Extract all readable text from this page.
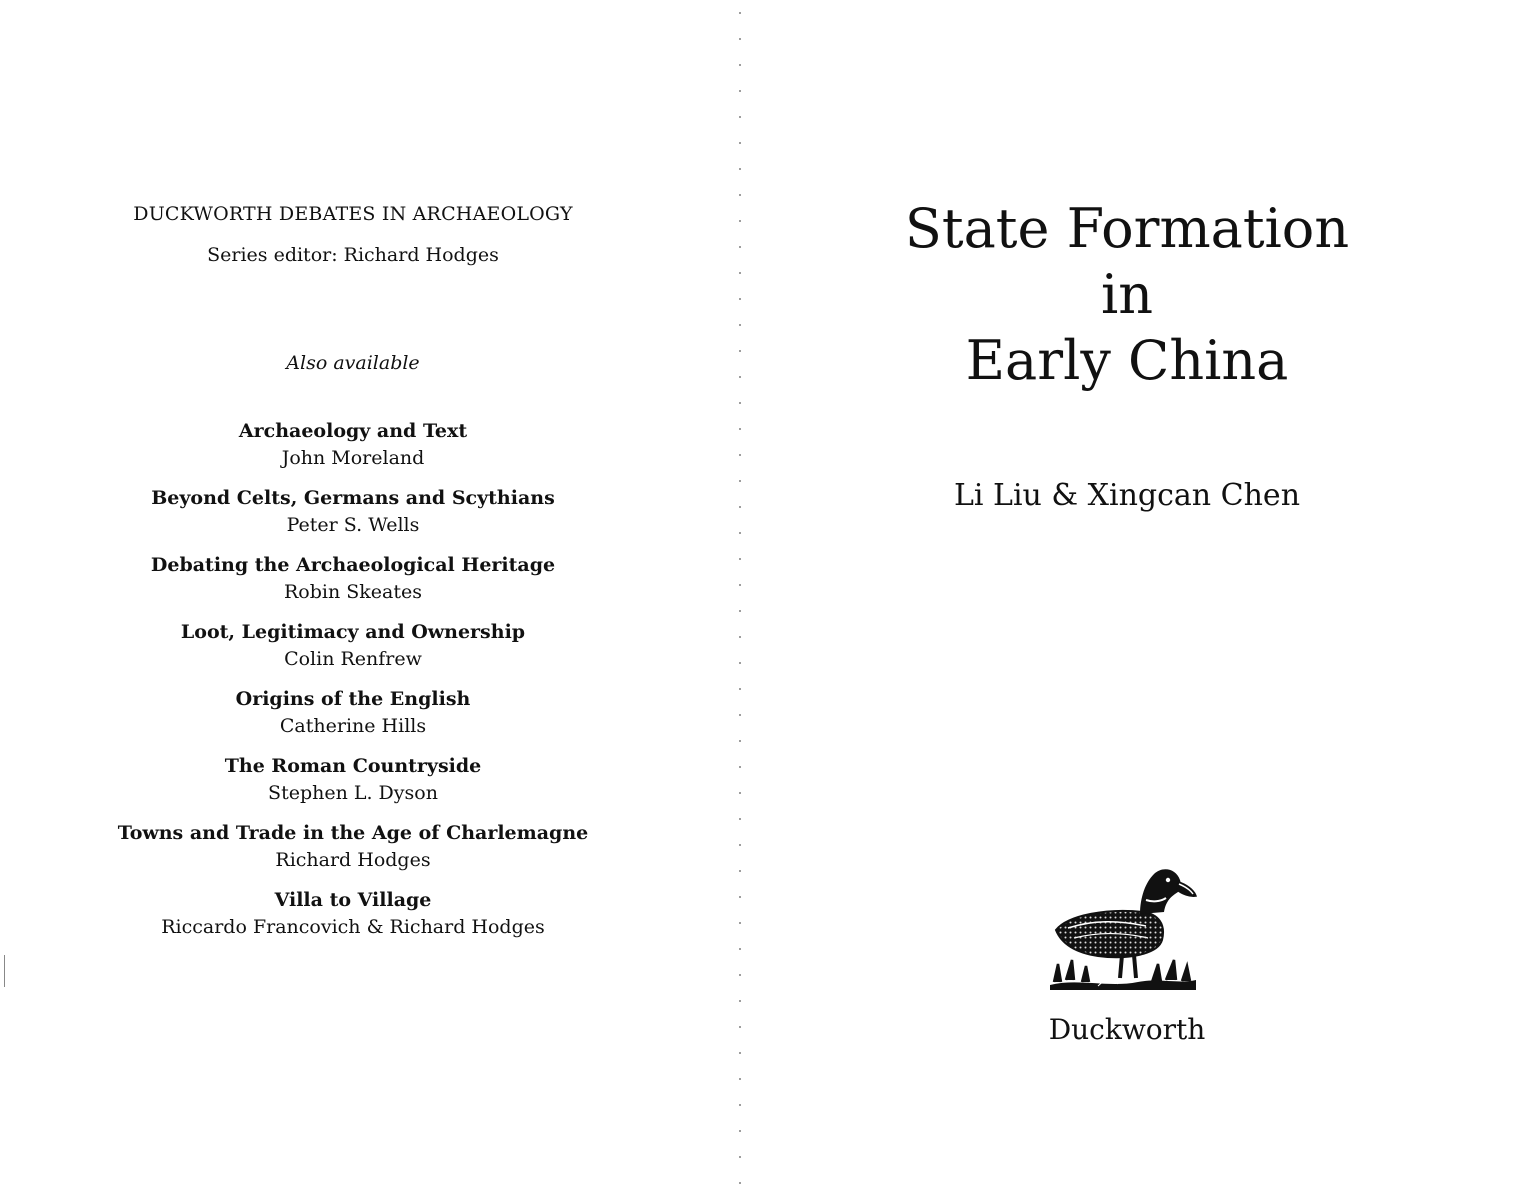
DUCKWORTH DEBATES IN ARCHAEOLOGY
Series editor: Richard Hodges
Also available
Archaeology and Text
John Moreland
Beyond Celts, Germans and Scythians
Peter S. Wells
Debating the Archaeological Heritage
Robin Skeates
Loot, Legitimacy and Ownership
Colin Renfrew
Origins of the English
Catherine Hills
The Roman Countryside
Stephen L. Dyson
Towns and Trade in the Age of Charlemagne
Richard Hodges
Villa to Village
Riccardo Francovich & Richard Hodges
State Formation
in
Early China
Li Liu & Xingcan Chen
Duckworth
